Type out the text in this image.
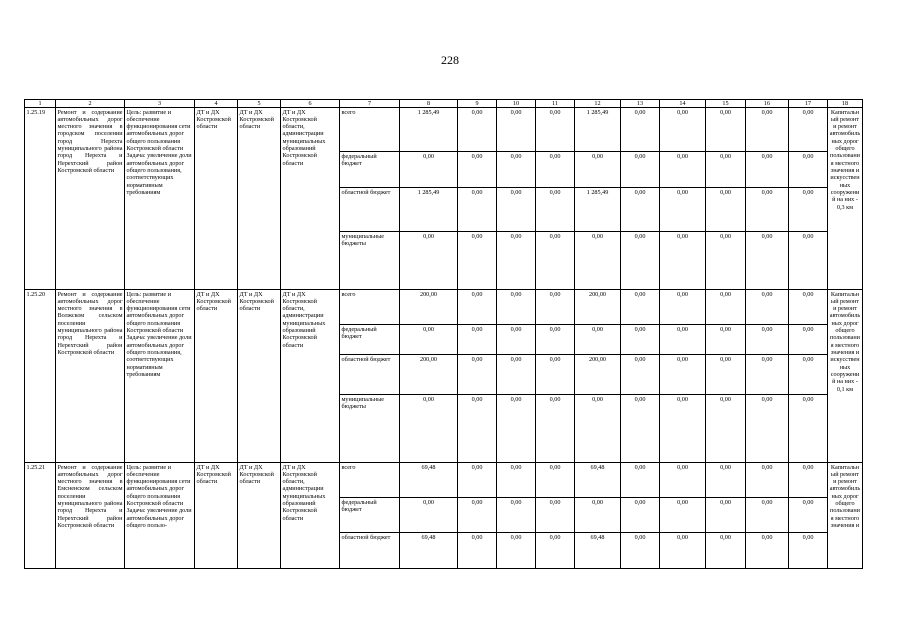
228
1	2	3	4	5	6	7	8	9	10	11	12	13	14	15	16	17	18
1.25.19	Ремонт и содержание автомобильных дорог местного значения в городском поселении город Нерехта муниципального района город Нерехта и Нерехтский район Костромской области	Цель: развитие и обеспечение функционирования сети автомобильных дорог общего пользования Костромской области Задача: увеличение доли автомобильных дорог общего пользования, соответствующих нормативным требованиям	ДТ и ДХ Костромской области	ДТ и ДХ Костромской области	ДТ и ДХ Костромской области, администрации муниципальных образований Костромской области	всего	1 285,49	0,00	0,00	0,00	1 285,49	0,00	0,00	0,00	0,00	0,00	Капитальный ремонт и ремонт автомобильных дорог общего пользования местного значения и искусственных сооружений на них - 0,3 км
						федеральный бюджет	0,00	0,00	0,00	0,00	0,00	0,00	0,00	0,00	0,00	0,00	
						областной бюджет	1 285,49	0,00	0,00	0,00	1 285,49	0,00	0,00	0,00	0,00	0,00	
						муниципальные бюджеты	0,00	0,00	0,00	0,00	0,00	0,00	0,00	0,00	0,00	0,00	
1.25.20	Ремонт и содержание автомобильных дорог местного значения в Волжском сельском поселении муниципального района город Нерехта и Нерехтский район Костромской области	Цель: развитие и обеспечение функционирования сети автомобильных дорог общего пользования Костромской области Задача: увеличение доли автомобильных дорог общего пользования, соответствующих нормативным требованиям	ДТ и ДХ Костромской области	ДТ и ДХ Костромской области	ДТ и ДХ Костромской области, администрации муниципальных образований Костромской области	всего	200,00	0,00	0,00	0,00	200,00	0,00	0,00	0,00	0,00	0,00	Капитальный ремонт и ремонт автомобильных дорог общего пользования местного значения и искусственных сооружений на них - 0,1 км
						федеральный бюджет	0,00	0,00	0,00	0,00	0,00	0,00	0,00	0,00	0,00	0,00	
						областной бюджет	200,00	0,00	0,00	0,00	200,00	0,00	0,00	0,00	0,00	0,00	
						муниципальные бюджеты	0,00	0,00	0,00	0,00	0,00	0,00	0,00	0,00	0,00	0,00	
1.25.21	Ремонт и содержание автомобильных дорог местного значения в Емсненском сельском поселении муниципального района город Нерехта и Нерехтский район Костромской области	Цель: развитие и обеспечение функционирования сети автомобильных дорог общего пользования Костромской области Задача: увеличение доли автомобильных дорог общего пользо-	ДТ и ДХ Костромской области	ДТ и ДХ Костромской области	ДТ и ДХ Костромской области, администрации муниципальных образований Костромской области	всего	69,48	0,00	0,00	0,00	69,48	0,00	0,00	0,00	0,00	0,00	Капитальный ремонт и ремонт автомобильных дорог общего пользования местного значения и
						федеральный бюджет	0,00	0,00	0,00	0,00	0,00	0,00	0,00	0,00	0,00	0,00	
						областной бюджет	69,48	0,00	0,00	0,00	69,48	0,00	0,00	0,00	0,00	0,00	
